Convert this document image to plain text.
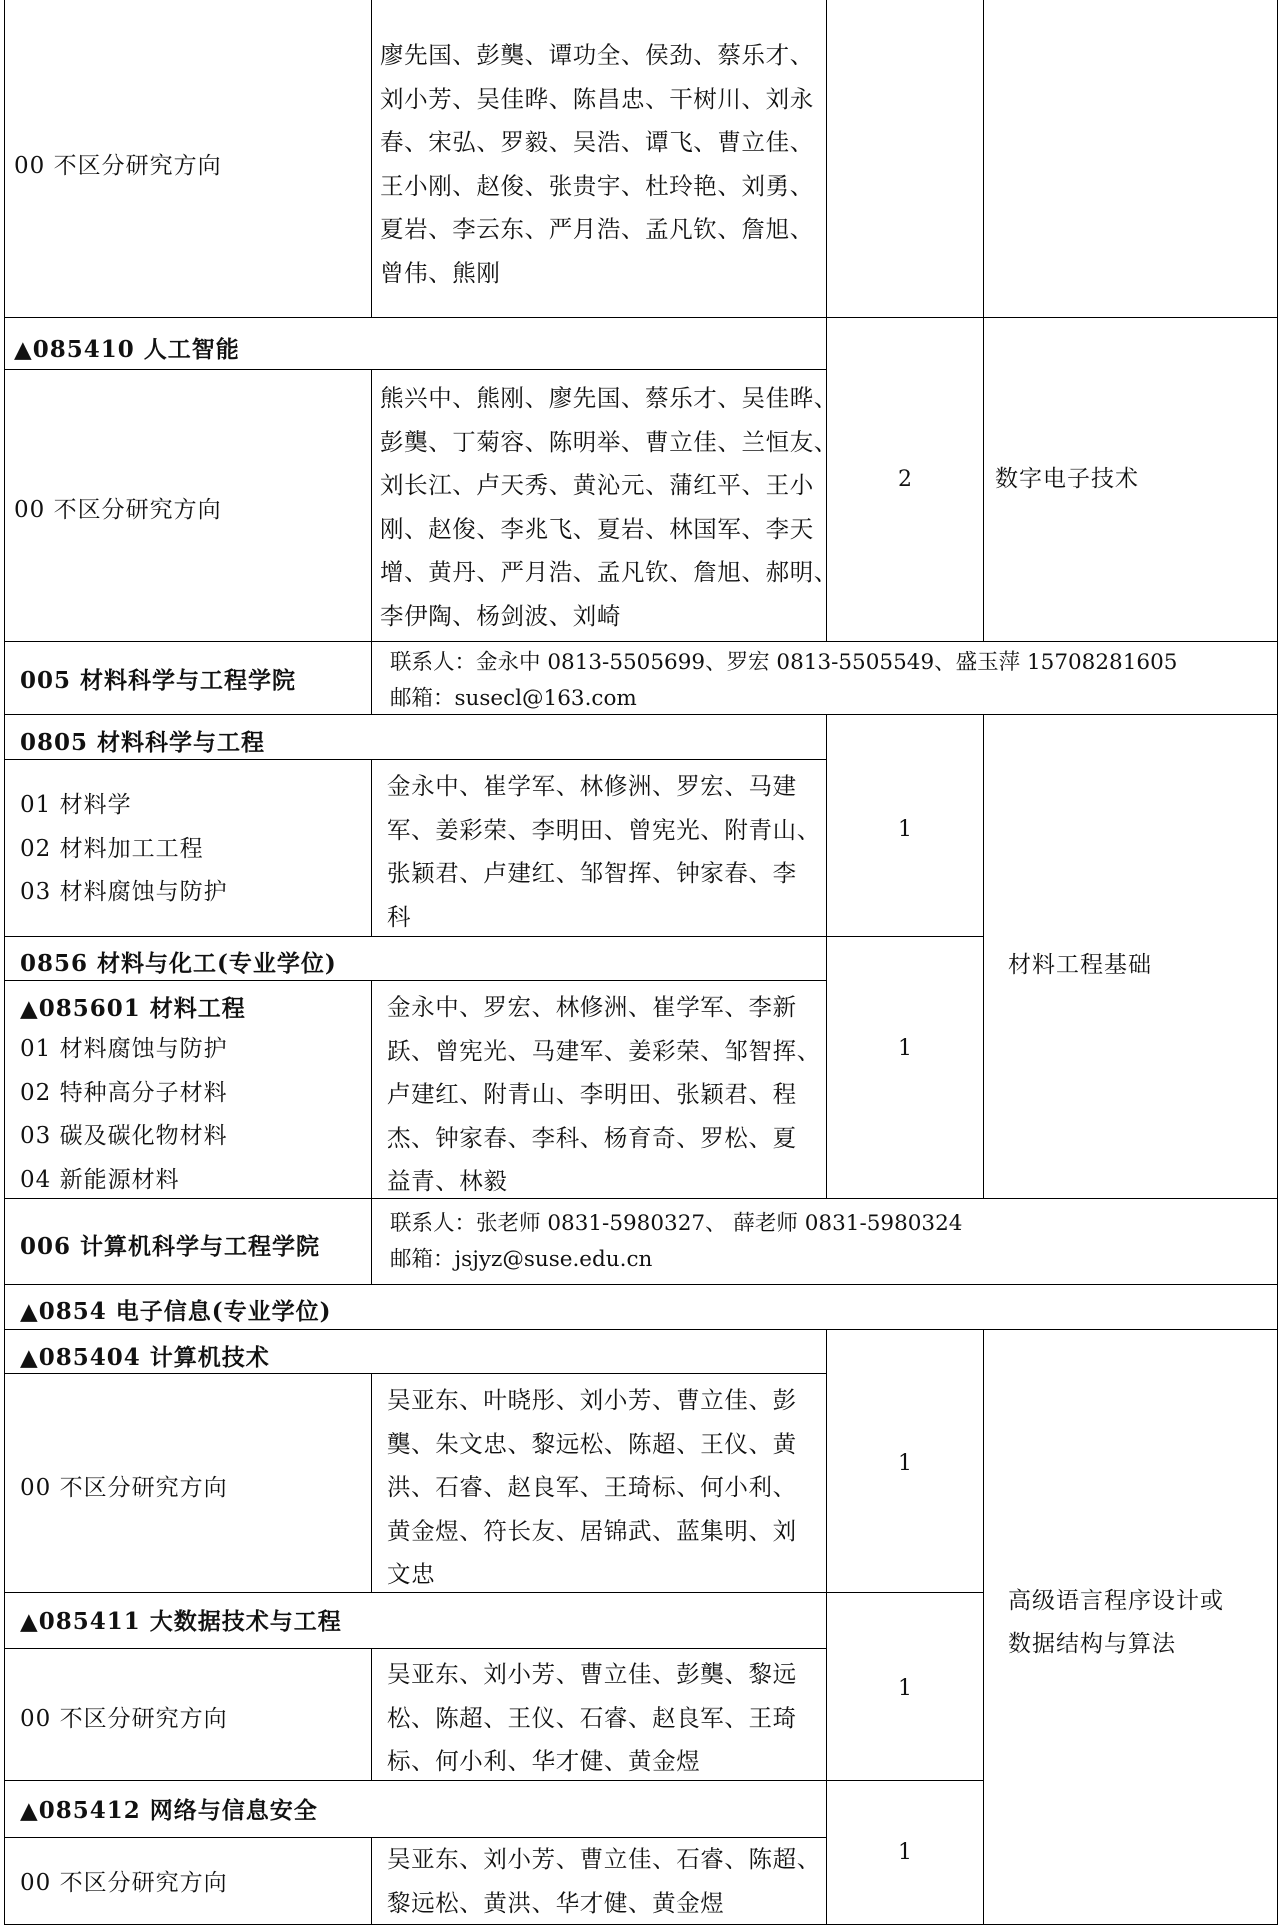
00 不区分研究方向
廖先国、彭龑、谭功全、侯劲、蔡乐才、
刘小芳、吴佳晔、陈昌忠、干树川、刘永
春、宋弘、罗毅、吴浩、谭飞、曹立佳、
王小刚、赵俊、张贵宇、杜玲艳、刘勇、
夏岩、李云东、严月浩、孟凡钦、詹旭、
曾伟、熊刚
▲085410 人工智能
00 不区分研究方向
熊兴中、熊刚、廖先国、蔡乐才、吴佳晔、
彭龑、丁菊容、陈明举、曹立佳、兰恒友、
刘长江、卢天秀、黄沁元、蒲红平、王小
刚、赵俊、李兆飞、夏岩、林国军、李天
增、黄丹、严月浩、孟凡钦、詹旭、郝明、
李伊陶、杨剑波、刘崎
2	数字电子技术
005 材料科学与工程学院
联系人：金永中 0813-5505699、罗宏 0813-5505549、盛玉萍 15708281605
邮箱：susecl@163.com
0805 材料科学与工程
01 材料学
02 材料加工工程
03 材料腐蚀与防护
金永中、崔学军、林修洲、罗宏、马建
军、姜彩荣、李明田、曾宪光、附青山、
张颖君、卢建红、邹智挥、钟家春、李
科
1
材料工程基础
0856 材料与化工(专业学位)
▲085601 材料工程
01 材料腐蚀与防护
02 特种高分子材料
03 碳及碳化物材料
04 新能源材料
金永中、罗宏、林修洲、崔学军、李新
跃、曾宪光、马建军、姜彩荣、邹智挥、
卢建红、附青山、李明田、张颖君、程
杰、钟家春、李科、杨育奇、罗松、夏
益青、林毅
1
006 计算机科学与工程学院
联系人：张老师 0831-5980327、 薛老师 0831-5980324
邮箱：jsjyz@suse.edu.cn
▲0854 电子信息(专业学位)
▲085404 计算机技术
00 不区分研究方向
吴亚东、叶晓彤、刘小芳、曹立佳、彭
龑、朱文忠、黎远松、陈超、王仪、黄
洪、石睿、赵良军、王琦标、何小利、
黄金煜、符长友、居锦武、蓝集明、刘
文忠
1
▲085411 大数据技术与工程
00 不区分研究方向
吴亚东、刘小芳、曹立佳、彭龑、黎远
松、陈超、王仪、石睿、赵良军、王琦
标、何小利、华才健、黄金煜
1
高级语言程序设计或
数据结构与算法
▲085412 网络与信息安全
00 不区分研究方向
吴亚东、刘小芳、曹立佳、石睿、陈超、
黎远松、黄洪、华才健、黄金煜
1
